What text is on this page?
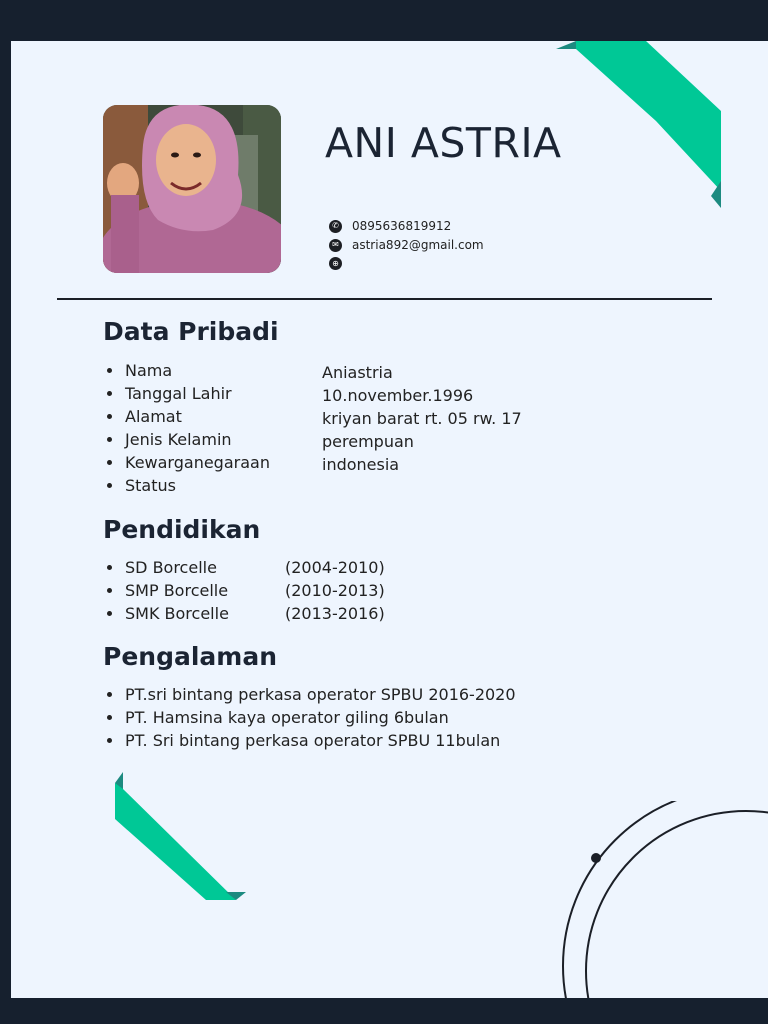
ANI ASTRIA
✆ 0895636819912
✉ astria892@gmail.com
⊕
Data Pribadi
Nama
Tanggal Lahir
Alamat
Jenis Kelamin
Kewarganegaraan
Status
Aniastria
10.november.1996
kriyan barat rt. 05 rw. 17
perempuan
indonesia
Pendidikan
SD Borcelle
SMP Borcelle
SMK Borcelle
(2004-2010)
(2010-2013)
(2013-2016)
Pengalaman
PT.sri bintang perkasa operator SPBU 2016-2020
PT. Hamsina kaya operator giling 6bulan
PT. Sri bintang perkasa operator SPBU 11bulan
